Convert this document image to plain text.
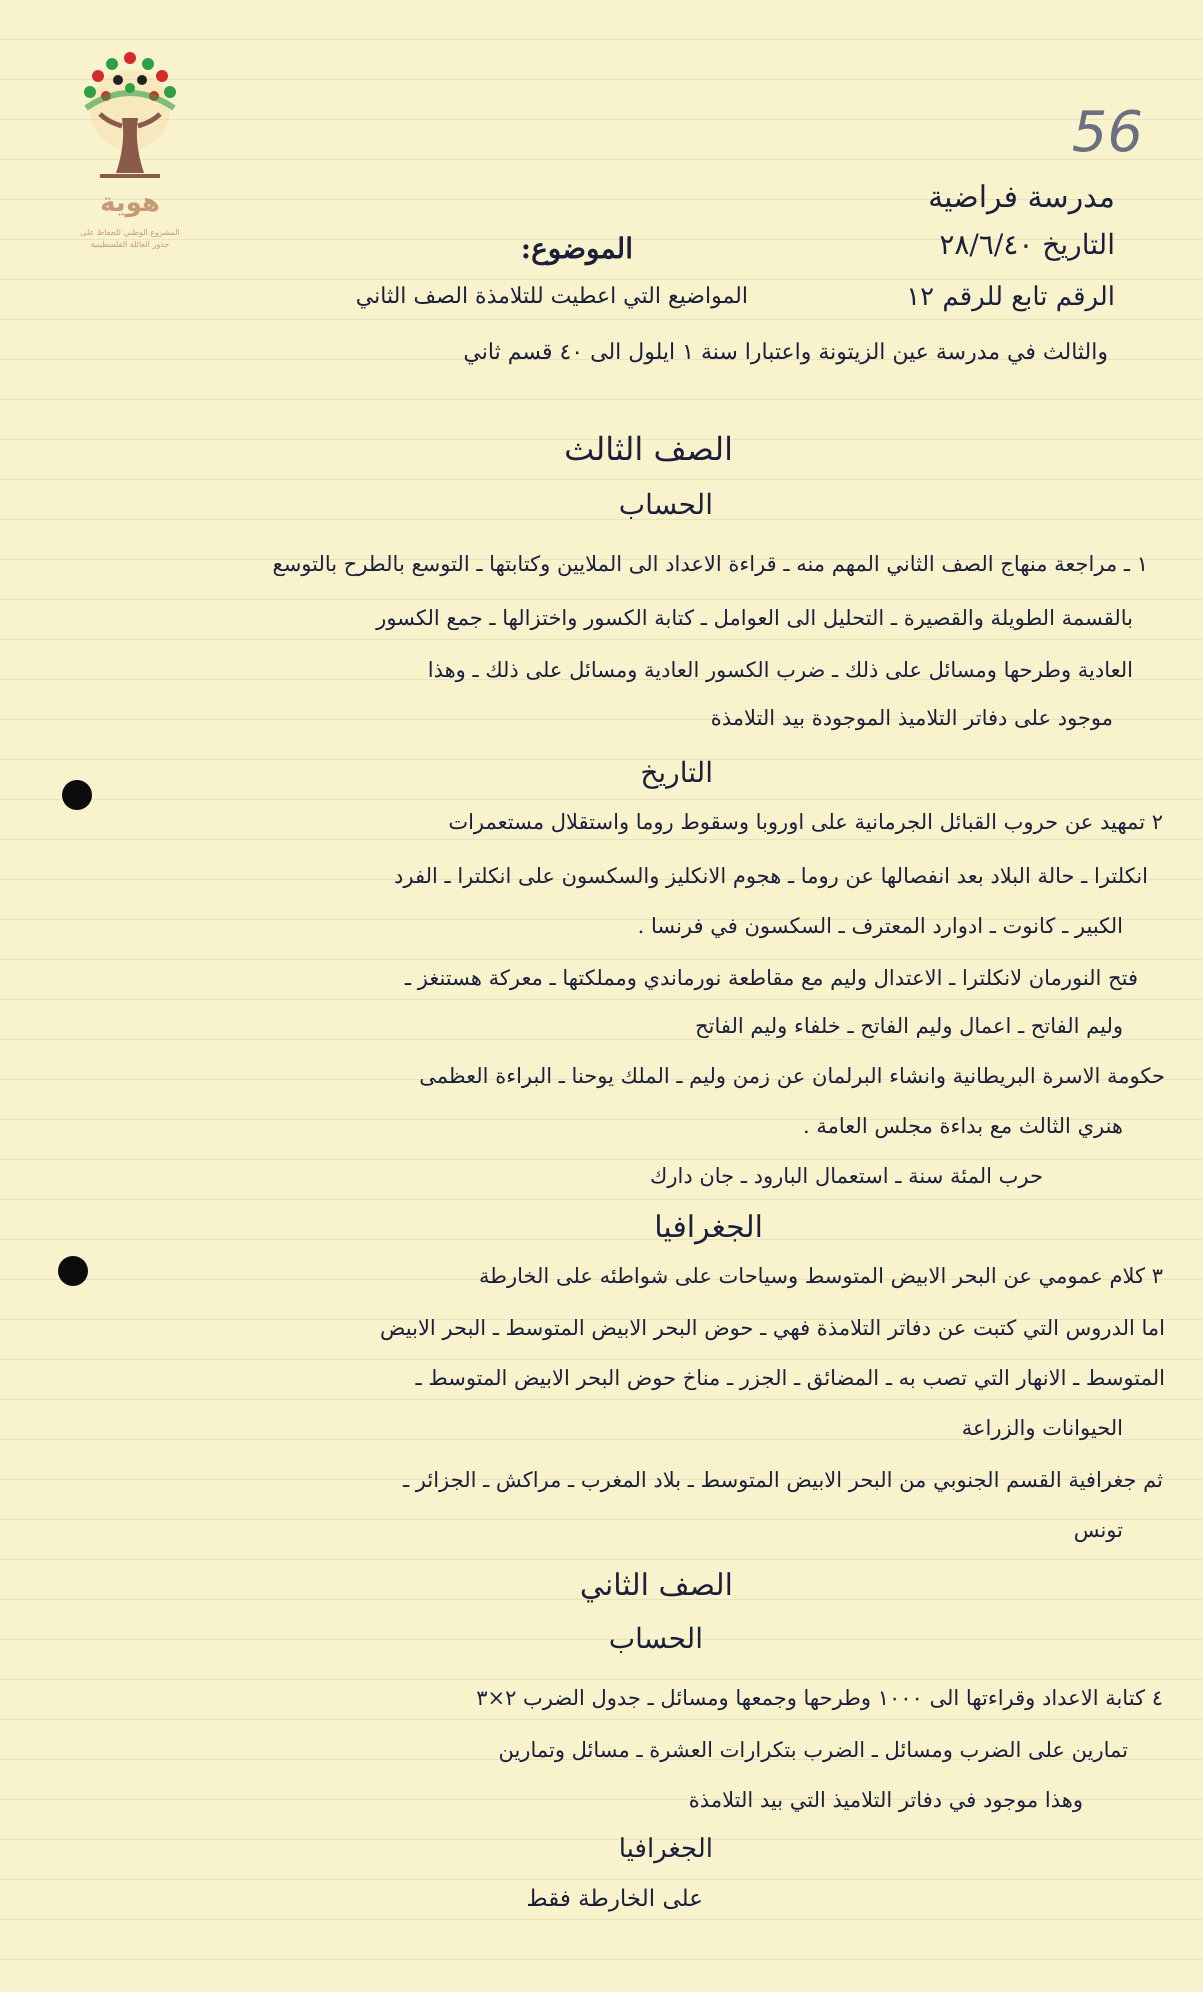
هوية
المشروع الوطني للحفاظ على
جذور العائلة الفلسطينية
56
مدرسة فراضية
التاريخ ٢٨/٦/٤٠
الرقم تابع للرقم ١٢
الموضوع:
المواضيع التي اعطيت للتلامذة الصف الثاني
والثالث في مدرسة عين الزيتونة واعتبارا سنة ١ ايلول الى ٤٠ قسم ثاني
الصف الثالث
الحساب
١ ـ مراجعة منهاج الصف الثاني المهم منه ـ قراءة الاعداد الى الملايين وكتابتها ـ التوسع بالطرح بالتوسع
بالقسمة الطويلة والقصيرة ـ التحليل الى العوامل ـ كتابة الكسور واختزالها ـ جمع الكسور
العادية وطرحها ومسائل على ذلك ـ ضرب الكسور العادية ومسائل على ذلك ـ وهذا
موجود على دفاتر التلاميذ الموجودة بيد التلامذة
التاريخ
٢ تمهيد عن حروب القبائل الجرمانية على اوروبا وسقوط روما واستقلال مستعمرات
انكلترا ـ حالة البلاد بعد انفصالها عن روما ـ هجوم الانكليز والسكسون على انكلترا ـ الفرد
الكبير ـ كانوت ـ ادوارد المعترف ـ السكسون في فرنسا .
فتح النورمان لانكلترا ـ الاعتدال وليم مع مقاطعة نورماندي ومملكتها ـ معركة هستنغز ـ
وليم الفاتح ـ اعمال وليم الفاتح ـ خلفاء وليم الفاتح
حكومة الاسرة البريطانية وانشاء البرلمان عن زمن وليم ـ الملك يوحنا ـ البراءة العظمى
هنري الثالث مع بداءة مجلس العامة .
حرب المئة سنة ـ استعمال البارود ـ جان دارك
الجغرافيا
٣ كلام عمومي عن البحر الابيض المتوسط وسياحات على شواطئه على الخارطة
اما الدروس التي كتبت عن دفاتر التلامذة فهي ـ حوض البحر الابيض المتوسط ـ البحر الابيض
المتوسط ـ الانهار التي تصب به ـ المضائق ـ الجزر ـ مناخ حوض البحر الابيض المتوسط ـ
الحيوانات والزراعة
ثم جغرافية القسم الجنوبي من البحر الابيض المتوسط ـ بلاد المغرب ـ مراكش ـ الجزائر ـ
تونس
الصف الثاني
الحساب
٤ كتابة الاعداد وقراءتها الى ١٠٠٠ وطرحها وجمعها ومسائل ـ جدول الضرب ٢×٣
تمارين على الضرب ومسائل ـ الضرب بتكرارات العشرة ـ مسائل وتمارين
وهذا موجود في دفاتر التلاميذ التي بيد التلامذة
الجغرافيا
على الخارطة فقط
